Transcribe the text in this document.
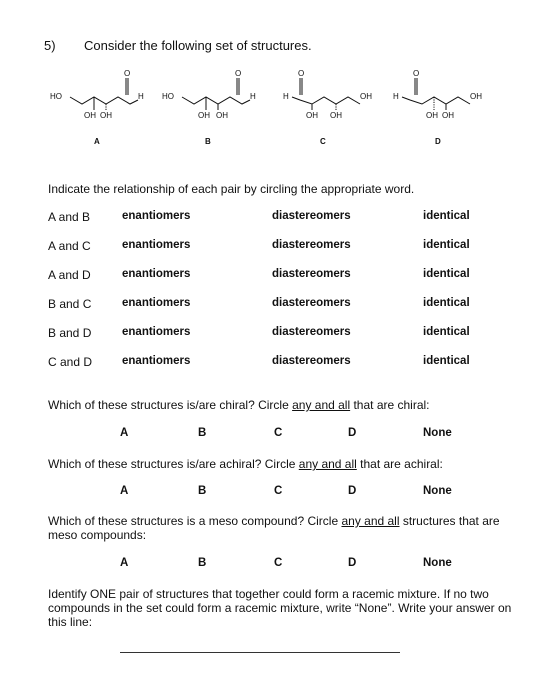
5) Consider the following set of structures.
HO
O
H
OH OH
HO
O
H
OH OH
H
O
OH
OH OH
H
O
OH
OH OH
A	B	C	D
Indicate the relationship of each pair by circling the appropriate word.
A and B	enantiomers	diastereomers	identical
A and C	enantiomers	diastereomers	identical
A and D	enantiomers	diastereomers	identical
B and C	enantiomers	diastereomers	identical
B and D	enantiomers	diastereomers	identical
C and D	enantiomers	diastereomers	identical
Which of these structures is/are chiral? Circle any and all that are chiral:
A	B	C	D	None
Which of these structures is/are achiral? Circle any and all that are achiral:
A	B	C	D	None
Which of these structures is a meso compound? Circle any and all structures that are meso compounds:
A	B	C	D	None
Identify ONE pair of structures that together could form a racemic mixture. If no two compounds in the set could form a racemic mixture, write “None”. Write your answer on this line:
